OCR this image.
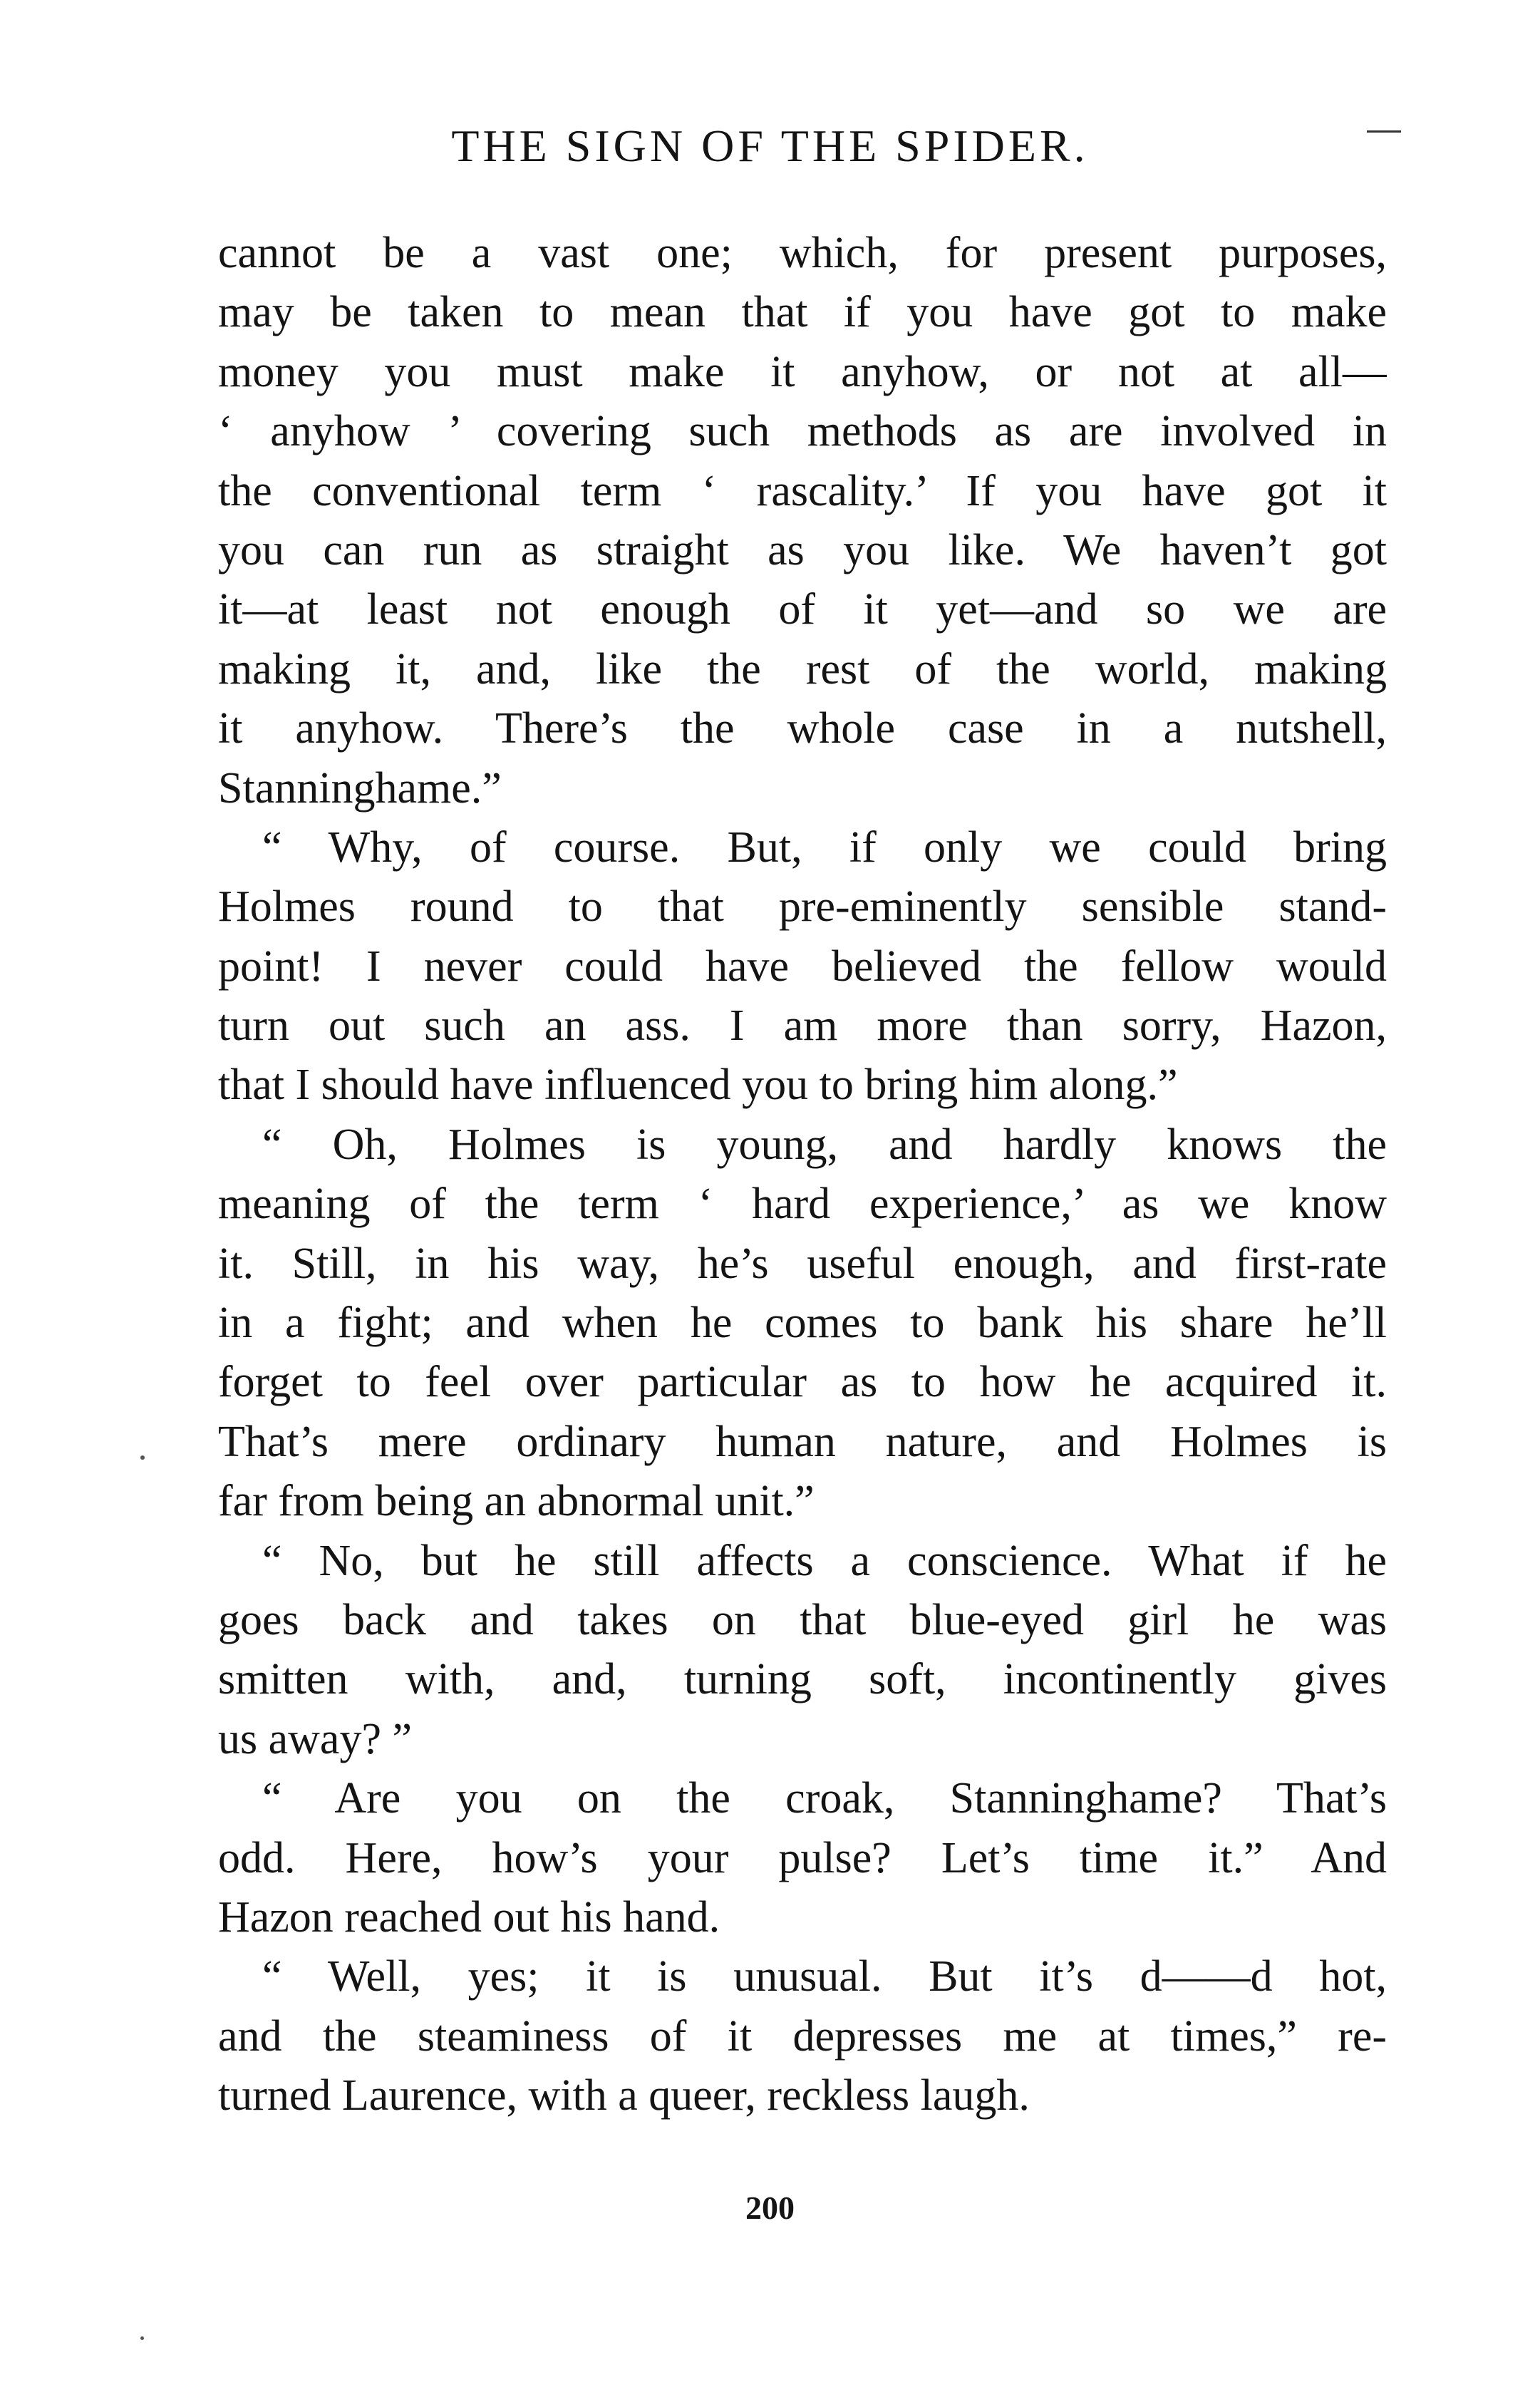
THE SIGN OF THE SPIDER.
cannot be a vast one; which, for present purposes,
may be taken to mean that if you have got to make
money you must make it anyhow, or not at all—
‘ anyhow ’ covering such methods as are involved in
the conventional term ‘ rascality.’ If you have got it
you can run as straight as you like. We haven’t got
it—at least not enough of it yet—and so we are
making it, and, like the rest of the world, making
it anyhow. There’s the whole case in a nutshell,
Stanninghame.”
“ Why, of course. But, if only we could bring
Holmes round to that pre-eminently sensible stand-
point! I never could have believed the fellow would
turn out such an ass. I am more than sorry, Hazon,
that I should have influenced you to bring him along.”
“ Oh, Holmes is young, and hardly knows the
meaning of the term ‘ hard experience,’ as we know
it. Still, in his way, he’s useful enough, and first-rate
in a fight; and when he comes to bank his share he’ll
forget to feel over particular as to how he acquired it.
That’s mere ordinary human nature, and Holmes is
far from being an abnormal unit.”
“ No, but he still affects a conscience. What if he
goes back and takes on that blue-eyed girl he was
smitten with, and, turning soft, incontinently gives
us away? ”
“ Are you on the croak, Stanninghame? That’s
odd. Here, how’s your pulse? Let’s time it.” And
Hazon reached out his hand.
“ Well, yes; it is unusual. But it’s d——d hot,
and the steaminess of it depresses me at times,” re-
turned Laurence, with a queer, reckless laugh.
200
